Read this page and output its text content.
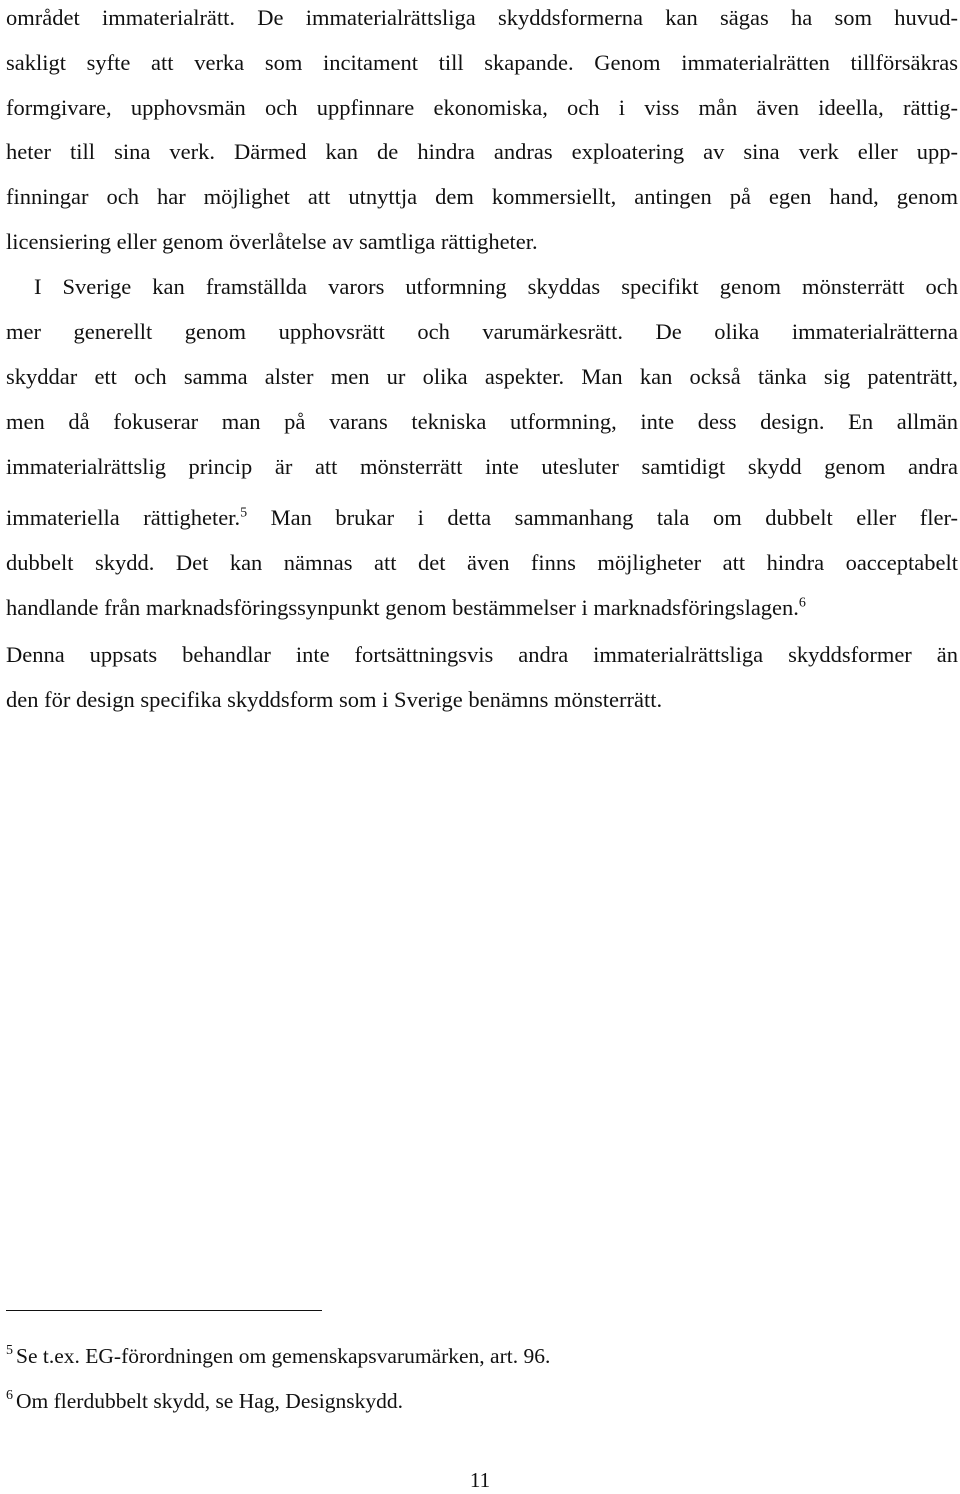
området immaterialrätt. De immaterialrättsliga skyddsformerna kan sägas ha som huvud-
sakligt syfte att verka som incitament till skapande. Genom immaterialrätten tillförsäkras
formgivare, upphovsmän och uppfinnare ekonomiska, och i viss mån även ideella, rättig-
heter till sina verk. Därmed kan de hindra andras exploatering av sina verk eller upp-
finningar och har möjlighet att utnyttja dem kommersiellt, antingen på egen hand, genom
licensiering eller genom överlåtelse av samtliga rättigheter.
I Sverige kan framställda varors utformning skyddas specifikt genom mönsterrätt och
mer generellt genom upphovsrätt och varumärkesrätt. De olika immaterialrätterna
skyddar ett och samma alster men ur olika aspekter. Man kan också tänka sig patenträtt,
men då fokuserar man på varans tekniska utformning, inte dess design. En allmän
immaterialrättslig princip är att mönsterrätt inte utesluter samtidigt skydd genom andra
immateriella rättigheter.$^5$ Man brukar i detta sammanhang tala om dubbelt eller fler-
dubbelt skydd. Det kan nämnas att det även finns möjligheter att hindra oacceptabelt
handlande från marknadsföringssynpunkt genom bestämmelser i marknadsföringslagen.$^6$
Denna uppsats behandlar inte fortsättningsvis andra immaterialrättsliga skyddsformer än
den för design specifika skyddsform som i Sverige benämns mönsterrätt.
$^5$ Se t.ex. EG-förordningen om gemenskapsvarumärken, art. 96.
$^6$ Om flerdubbelt skydd, se Hag, Designskydd.
11
